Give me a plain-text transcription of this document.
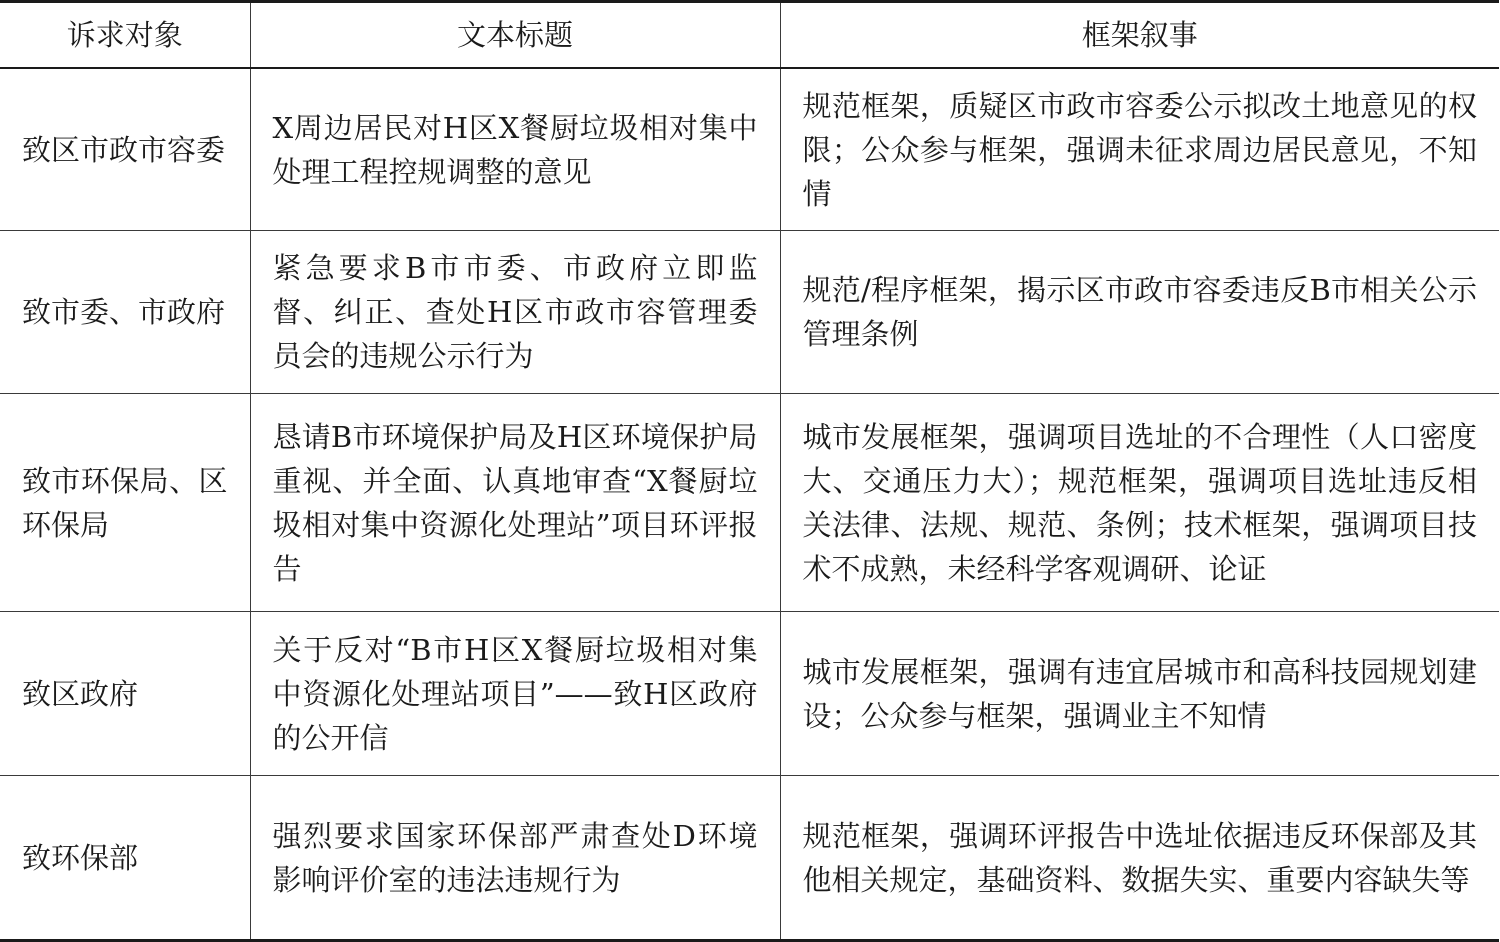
诉求对象	文本标题	框架叙事
致区市政市容委	X周边居民对H区X餐厨垃圾相对集中处理工程控规调整的意见	规范框架，质疑区市政市容委公示拟改土地意见的权限；公众参与框架，强调未征求周边居民意见，不知情
致市委、市政府	紧急要求B市市委、市政府立即监督、纠正、查处H区市政市容管理委员会的违规公示行为	规范/程序框架，揭示区市政市容委违反B市相关公示管理条例
致市环保局、区环保局	恳请B市环境保护局及H区环境保护局重视、并全面、认真地审查“X餐厨垃圾相对集中资源化处理站”项目环评报告	城市发展框架，强调项目选址的不合理性（人口密度大、交通压力大）；规范框架，强调项目选址违反相关法律、法规、规范、条例；技术框架，强调项目技术不成熟，未经科学客观调研、论证
致区政府	关于反对“B市H区X餐厨垃圾相对集中资源化处理站项目”——致H区政府的公开信	城市发展框架，强调有违宜居城市和高科技园规划建设；公众参与框架，强调业主不知情
致环保部	强烈要求国家环保部严肃查处D环境影响评价室的违法违规行为	规范框架，强调环评报告中选址依据违反环保部及其他相关规定，基础资料、数据失实、重要内容缺失等
